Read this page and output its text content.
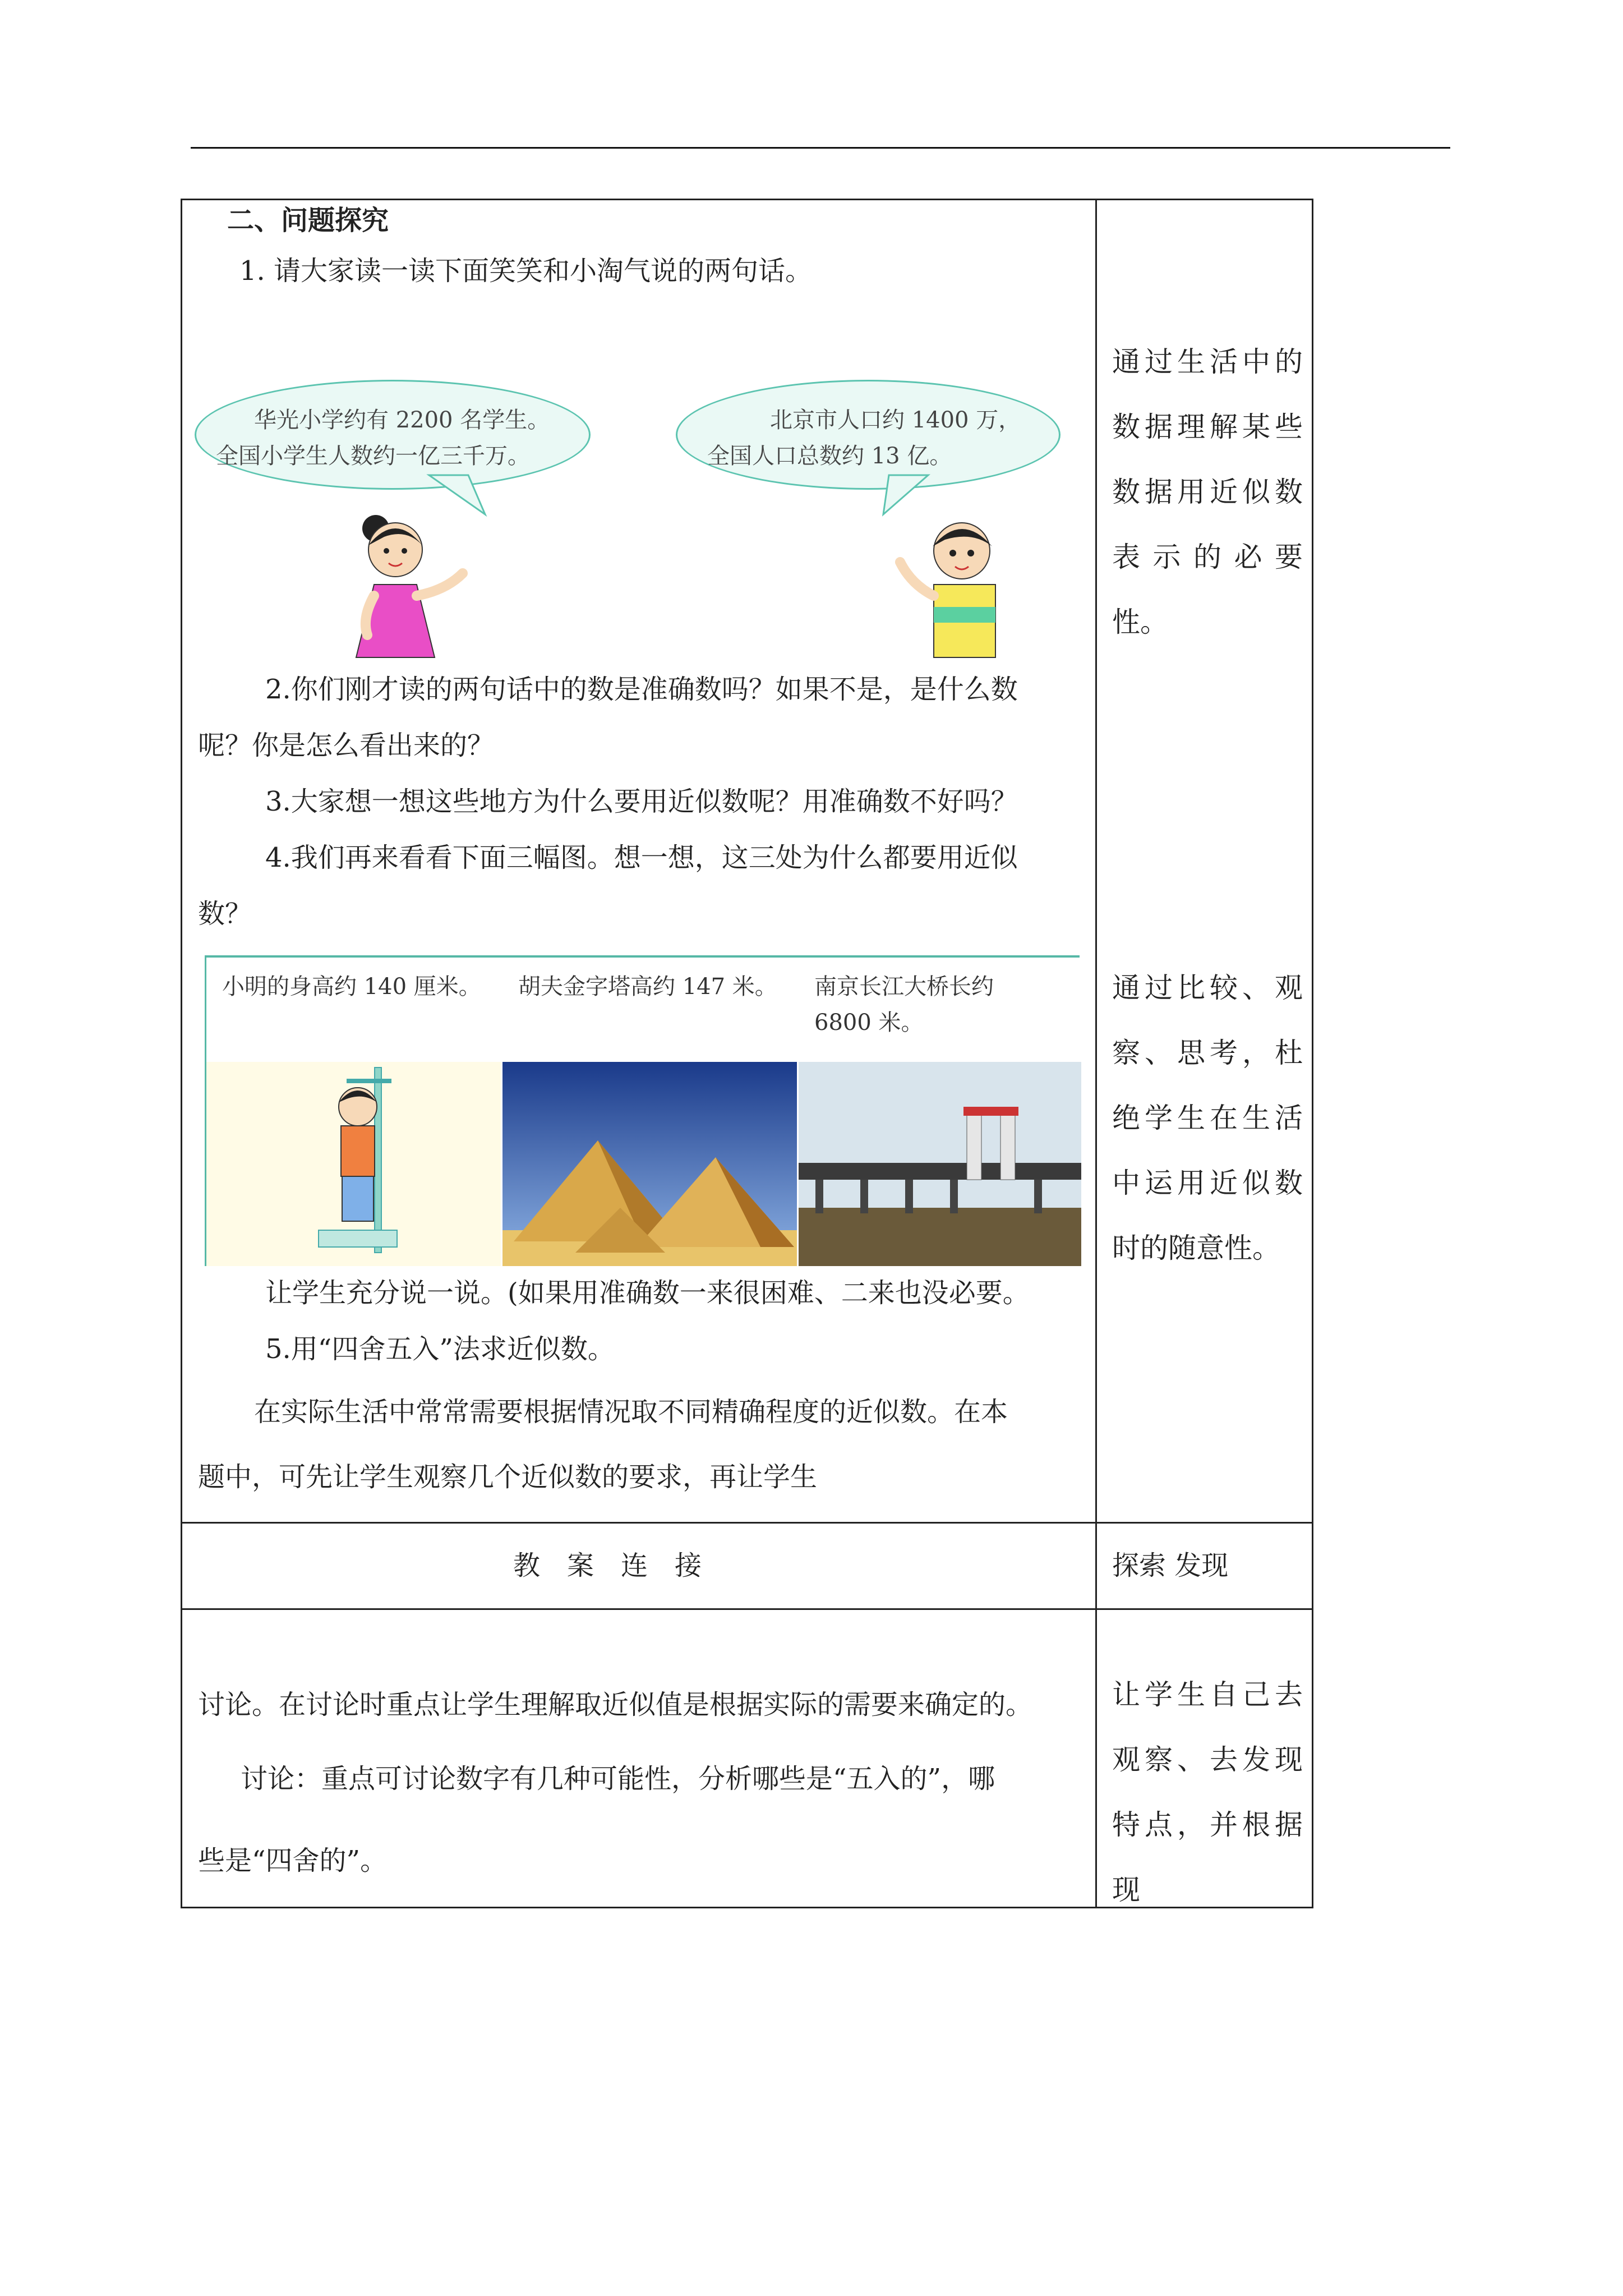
二、问题探究
1. 请大家读一读下面笑笑和小淘气说的两句话。
华光小学约有 2200 名学生。
全国小学生人数约一亿三千万。
北京市人口约 1400 万，
全国人口总数约 13 亿。
2.你们刚才读的两句话中的数是准确数吗？如果不是，是什么数
呢？你是怎么看出来的？
3.大家想一想这些地方为什么要用近似数呢？用准确数不好吗？
4.我们再来看看下面三幅图。想一想，这三处为什么都要用近似
数？
小明的身高约 140 厘米。 胡夫金字塔高约 147 米。 南京长江大桥长约
6800 米。
让学生充分说一说。(如果用准确数一来很困难、二来也没必要。
5.用“四舍五入”法求近似数。
在实际生活中常常需要根据情况取不同精确程度的近似数。在本
题中，可先让学生观察几个近似数的要求，再让学生
通过生活中的数据理解某些数据用近似数表示的必要性。
通过比较、观察、思考，杜绝学生在生活中运用近似数时的随意性。
教　案　连　接	探索 发现
讨论。在讨论时重点让学生理解取近似值是根据实际的需要来确定的。
讨论：重点可讨论数字有几种可能性，分析哪些是“五入的”，哪
些是“四舍的”。
让学生自己去观察、去发现特点，并根据现
